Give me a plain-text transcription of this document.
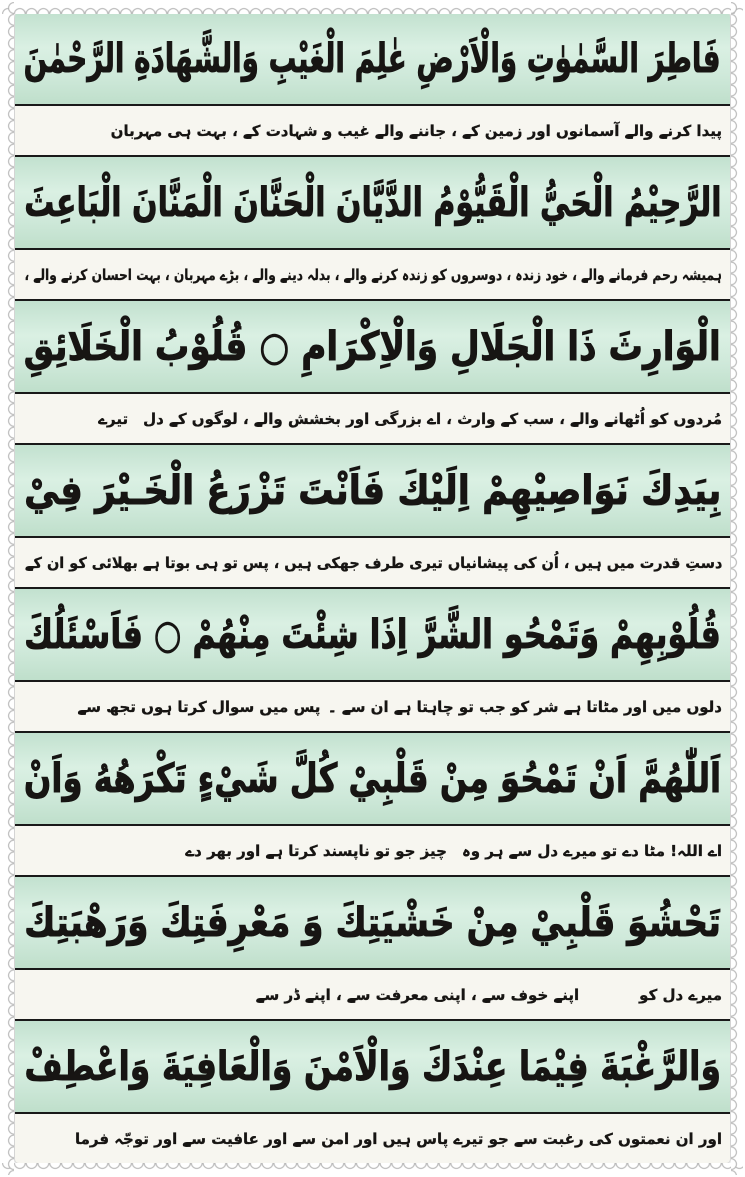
فَاطِرَ السَّمٰوٰتِ وَالْاَرْضِ عٰلِمَ الْغَيْبِ وَالشَّهَادَةِ الرَّحْمٰنَ
پیدا کرنے والے آسمانوں اور زمین کے ، جاننے والے غیب و شہادت کے ، بہت ہی مہربان
الرَّحِيْمُ الْحَيُّ الْقَيُّوْمُ الدَّيَّانَ الْحَنَّانَ الْمَنَّانَ الْبَاعِثَ
ہمیشہ رحم فرمانے والے ، خود زندہ ، دوسروں کو زندہ کرنے والے ، بدلہ دینے والے ، بڑے مہربان ، بہت احسان کرنے والے ،
الْوَارِثَ ذَا الْجَلَالِ وَالْاِكْرَامِ ○ قُلُوْبُ الْخَلَائِقِ
مُردوں کو اُٹھانے والے ، سب کے وارث ، اے بزرگی اور بخشش والے ، لوگوں کے دل تیرے
بِيَدِكَ نَوَاصِيْهِمْ اِلَيْكَ فَاَنْتَ تَزْرَعُ الْخَـيْرَ فِيْ
دستِ قدرت میں ہیں ، اُن کی پیشانیاں تیری طرف جھکی ہیں ، پس تو ہی بوتا ہے بھلائی کو ان کے
قُلُوْبِهِمْ وَتَمْحُو الشَّرَّ اِذَا شِئْتَ مِنْهُمْ ○ فَاَسْئَلُكَ
دلوں میں اور مٹاتا ہے شر کو جب تو چاہتا ہے ان سے ۔ پس میں سوال کرتا ہوں تجھ سے
اَللّٰهُمَّ اَنْ تَمْحُوَ مِنْ قَلْبِيْ كُلَّ شَيْءٍ تَكْرَهُهُ وَاَنْ
اے اللہ! مٹا دے تو میرے دل سے ہر وہ چیز جو تو ناپسند کرتا ہے اور بھر دے
تَحْشُوَ قَلْبِيْ مِنْ خَشْيَتِكَ وَ مَعْرِفَتِكَ وَرَهْبَتِكَ
میرے دل کو    اپنے خوف سے ، اپنی معرفت سے ، اپنے ڈر سے
وَالرَّغْبَةَ فِيْمَا عِنْدَكَ وَالْاَمْنَ وَالْعَافِيَةَ وَاعْطِفْ
اور ان نعمتوں کی رغبت سے جو تیرے پاس ہیں اور امن سے اور عافیت سے اور توجّہ فرما
